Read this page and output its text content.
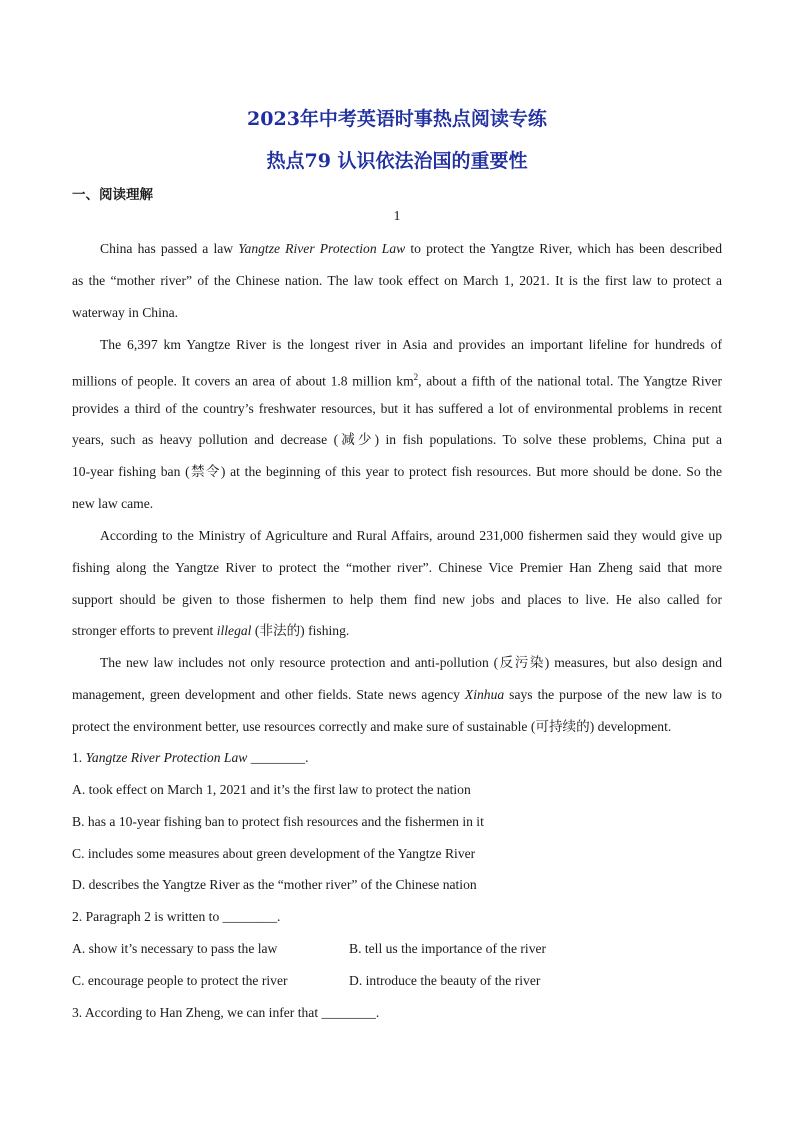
2023年中考英语时事热点阅读专练
热点79 认识依法治国的重要性
一、阅读理解
1
China has passed a law Yangtze River Protection Law to protect the Yangtze River, which has been described
as the “mother river” of the Chinese nation. The law took effect on March 1, 2021. It is the first law to protect a
waterway in China.
The 6,397 km Yangtze River is the longest river in Asia and provides an important lifeline for hundreds of
millions of people. It covers an area of about 1.8 million $km^2$, about a fifth of the national total. The Yangtze River
provides a third of the country’s freshwater resources, but it has suffered a lot of environmental problems in recent
years, such as heavy pollution and decrease (减少) in fish populations. To solve these problems, China put a
10-year fishing ban (禁令) at the beginning of this year to protect fish resources. But more should be done. So the
new law came.
According to the Ministry of Agriculture and Rural Affairs, around 231,000 fishermen said they would give up
fishing along the Yangtze River to protect the “mother river”. Chinese Vice Premier Han Zheng said that more
support should be given to those fishermen to help them find new jobs and places to live. He also called for
stronger efforts to prevent illegal (非法的) fishing.
The new law includes not only resource protection and anti-pollution (反污染) measures, but also design and
management, green development and other fields. State news agency Xinhua says the purpose of the new law is to
protect the environment better, use resources correctly and make sure of sustainable (可持续的) development.
1. Yangtze River Protection Law ________.
A. took effect on March 1, 2021 and it’s the first law to protect the nation
B. has a 10-year fishing ban to protect fish resources and the fishermen in it
C. includes some measures about green development of the Yangtze River
D. describes the Yangtze River as the “mother river” of the Chinese nation
2. Paragraph 2 is written to ________.
A. show it’s necessary to pass the law	B. tell us the importance of the river
C. encourage people to protect the river	D. introduce the beauty of the river
3. According to Han Zheng, we can infer that ________.
